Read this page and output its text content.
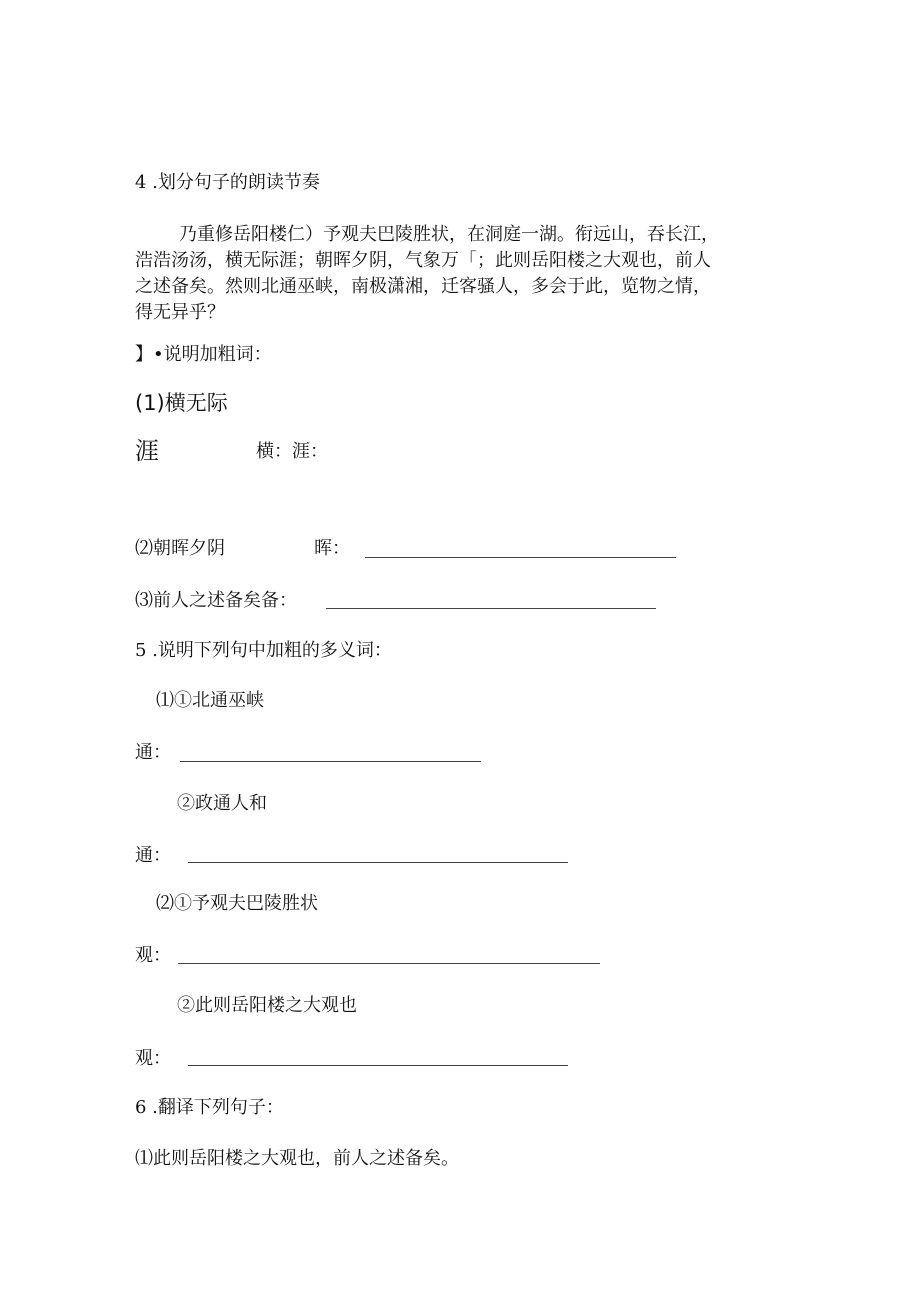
4 .划分句子的朗读节奏
乃重修岳阳楼仁）予观夫巴陵胜状，在洞庭一湖。衔远山，吞长江，
浩浩汤汤，横无际涯；朝晖夕阴，气象万「；此则岳阳楼之大观也，前人
之述备矣。然则北通巫峡，南极潇湘，迁客骚人，多会于此，览物之情，
得无异乎？
】•说明加粗词：
(1)横无际
涯	横：涯：
⑵朝晖夕阴	晖：
⑶前人之述备矣备：
5 .说明下列句中加粗的多义词：
⑴①北通巫峡
通：
②政通人和
通：
⑵①予观夫巴陵胜状
观：
②此则岳阳楼之大观也
观：
6 .翻译下列句子：
⑴此则岳阳楼之大观也，前人之述备矣。
